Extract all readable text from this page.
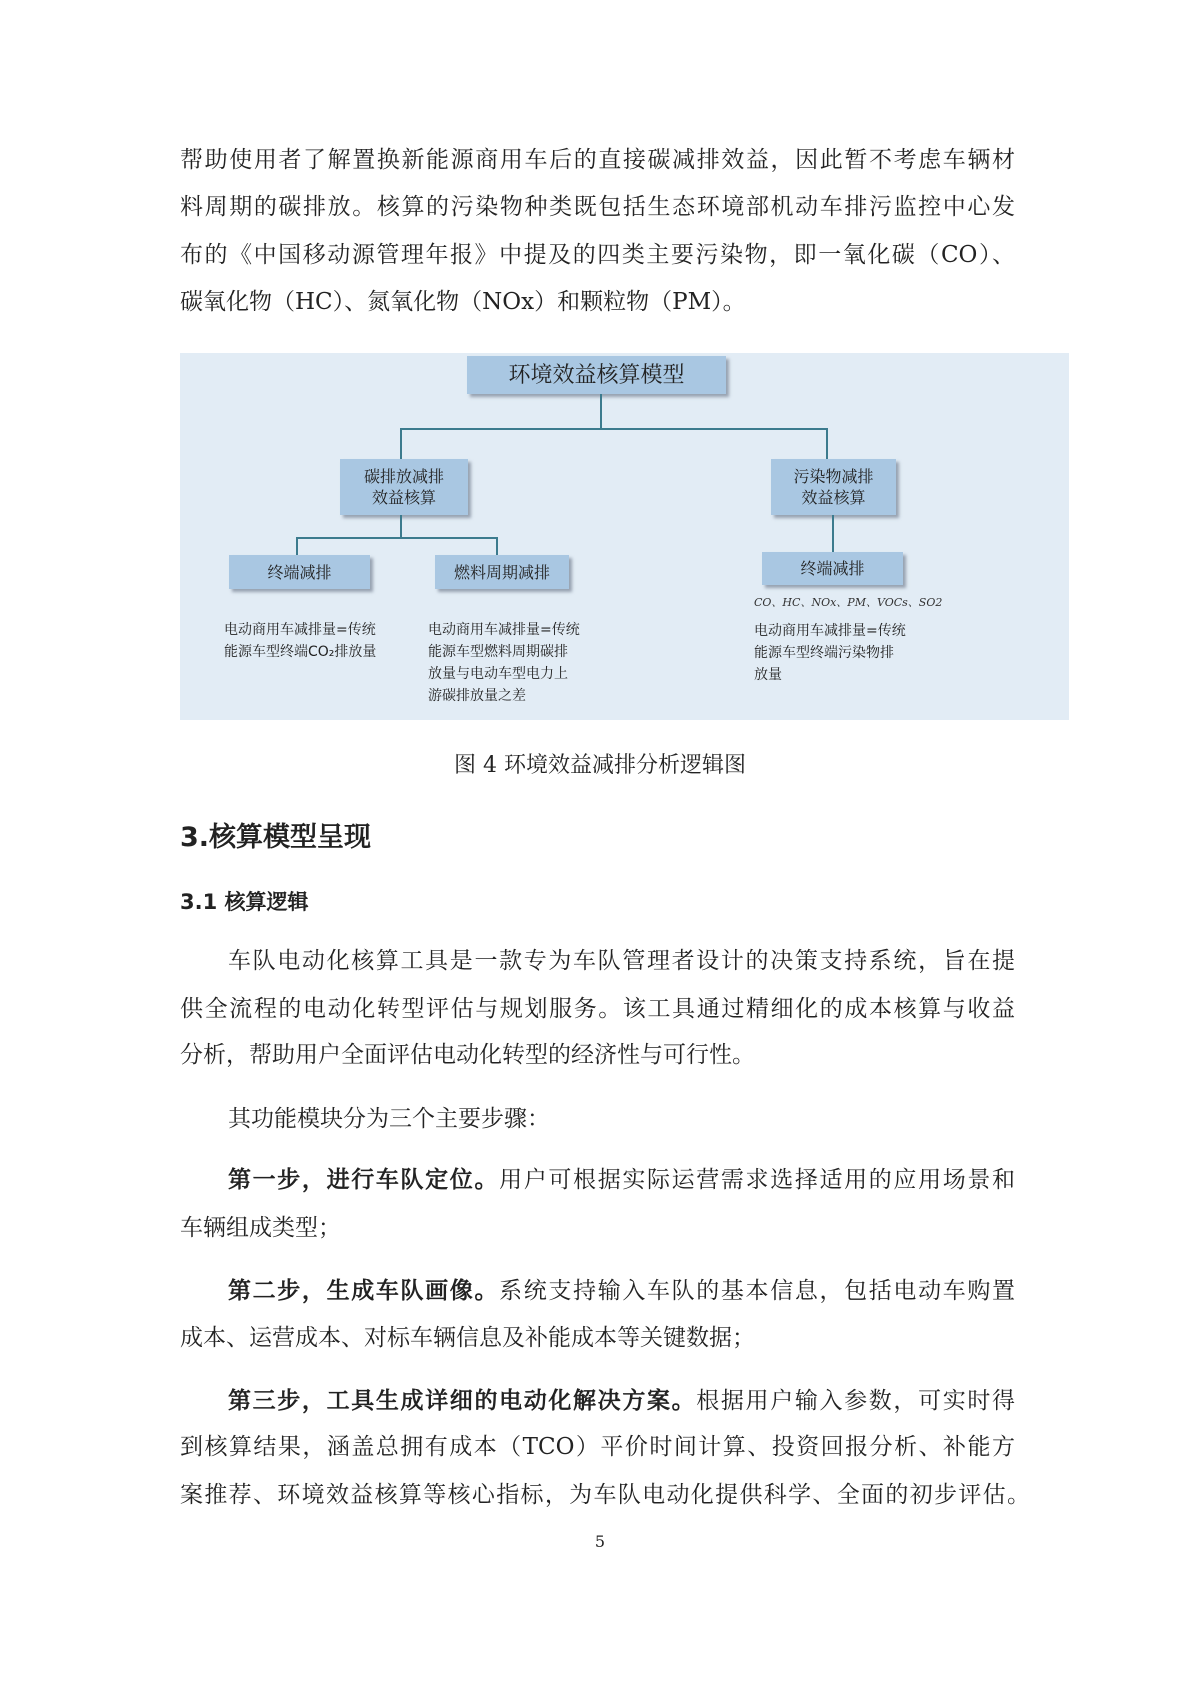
帮助使用者了解置换新能源商用车后的直接碳减排效益，因此暂不考虑车辆材
料周期的碳排放。核算的污染物种类既包括生态环境部机动车排污监控中心发
布的《中国移动源管理年报》中提及的四类主要污染物，即一氧化碳（CO）、
碳氧化物（HC）、氮氧化物（NOx）和颗粒物（PM）。
环境效益核算模型
碳排放减排
效益核算
污染物减排
效益核算
终端减排	燃料周期减排	终端减排
CO、HC、NOx、PM、VOCs、SO2
电动商用车减排量=传统
能源车型终端CO₂排放量
电动商用车减排量=传统
能源车型燃料周期碳排
放量与电动车型电力上
游碳排放量之差
电动商用车减排量=传统
能源车型终端污染物排
放量
图 4 环境效益减排分析逻辑图
3.核算模型呈现
3.1 核算逻辑
车队电动化核算工具是一款专为车队管理者设计的决策支持系统，旨在提
供全流程的电动化转型评估与规划服务。该工具通过精细化的成本核算与收益
分析，帮助用户全面评估电动化转型的经济性与可行性。
其功能模块分为三个主要步骤：
第一步，进行车队定位。用户可根据实际运营需求选择适用的应用场景和
车辆组成类型；
第二步，生成车队画像。系统支持输入车队的基本信息，包括电动车购置
成本、运营成本、对标车辆信息及补能成本等关键数据；
第三步，工具生成详细的电动化解决方案。根据用户输入参数，可实时得
到核算结果，涵盖总拥有成本（TCO）平价时间计算、投资回报分析、补能方
案推荐、环境效益核算等核心指标，为车队电动化提供科学、全面的初步评估。
5
